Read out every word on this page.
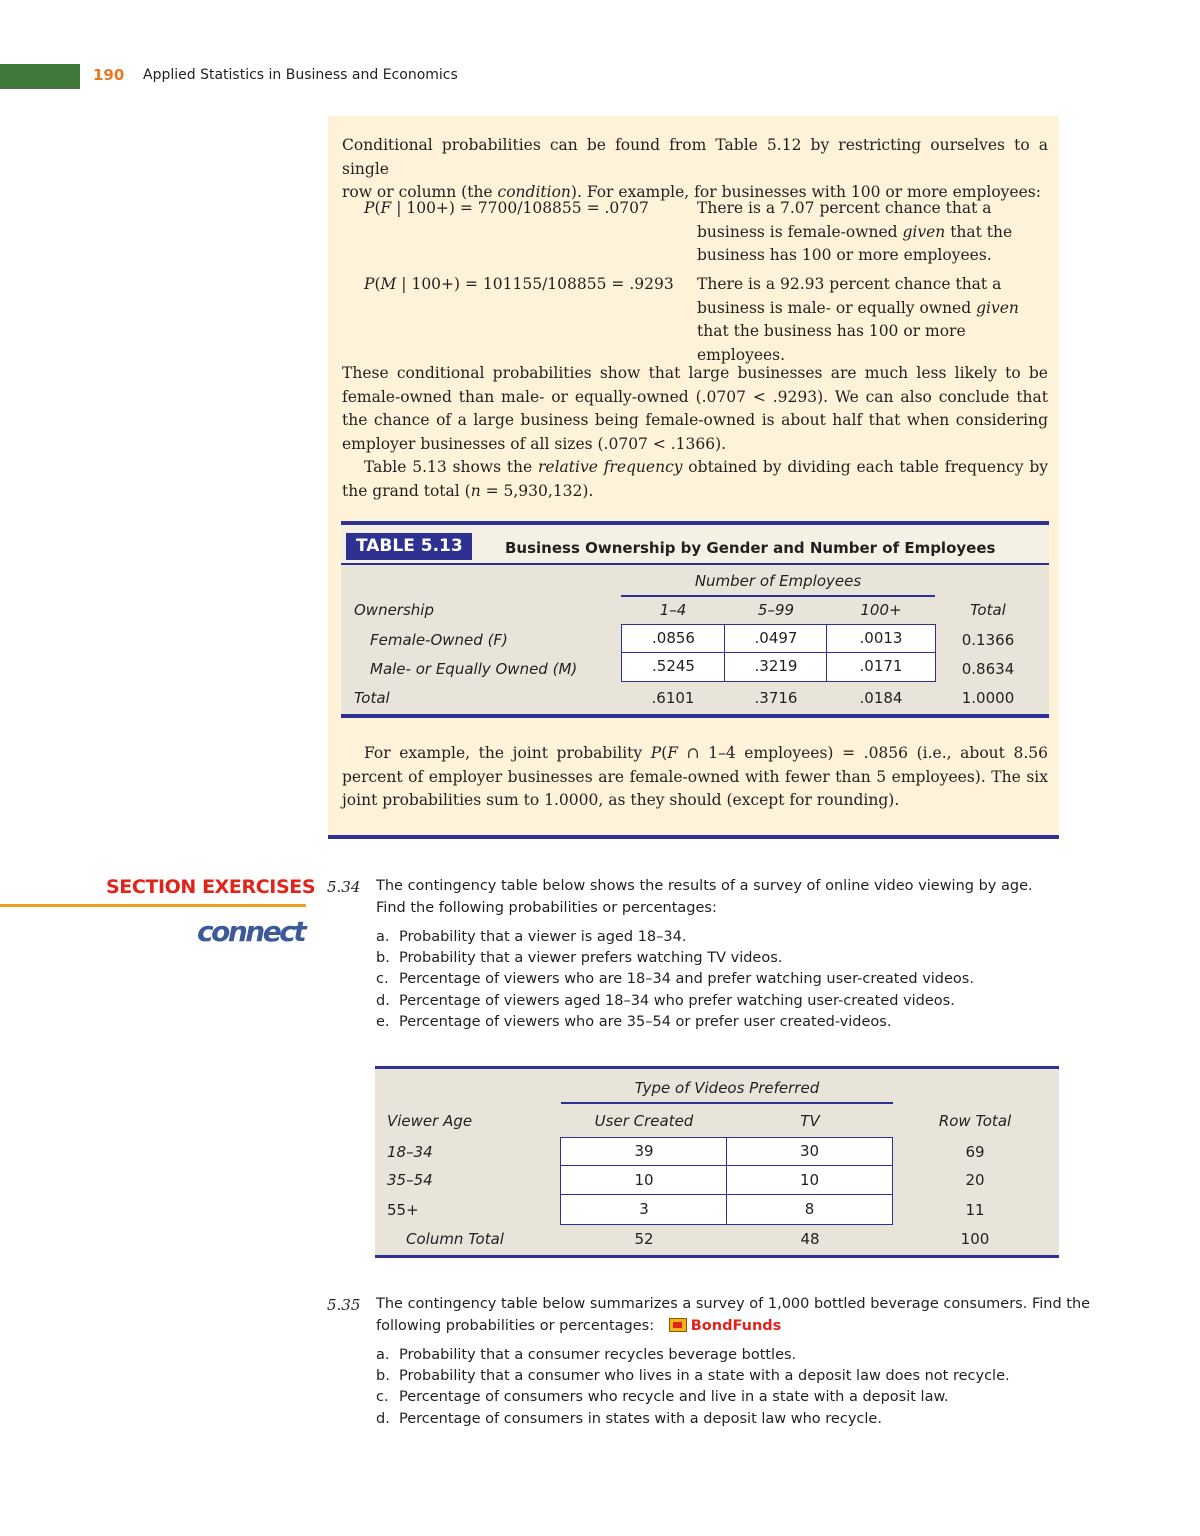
190 Applied Statistics in Business and Economics
Conditional probabilities can be found from Table 5.12 by restricting ourselves to a single
row or column (the condition). For example, for businesses with 100 or more employees:
P(F | 100+) = 7700/108855 = .0707	There is a 7.07 percent chance that a business is female-owned given that the business has 100 or more employees.
P(M | 100+) = 101155/108855 = .9293 There is a 92.93 percent chance that a business is male- or equally owned given that the business has 100 or more employees.
These conditional probabilities show that large businesses are much less likely to be female-owned than male- or equally-owned (.0707 < .9293). We can also conclude that the chance of a large business being female-owned is about half that when considering employer businesses of all sizes (.0707 < .1366).
Table 5.13 shows the relative frequency obtained by dividing each table frequency by the grand total (n = 5,930,132).
For example, the joint probability P(F ∩ 1–4 employees) = .0856 (i.e., about 8.56 percent of employer businesses are female-owned with fewer than 5 employees). The six joint probabilities sum to 1.0000, as they should (except for rounding).
TABLE 5.13	Business Ownership by Gender and Number of Employees
Number of Employees
Ownership	1–4	5–99	100+	Total
Female-Owned (F)	.0856	.0497	.0013	0.1366
Male- or Equally Owned (M)	.5245	.3219	.0171	0.8634
Total	.6101	.3716	.0184	1.0000
SECTION EXERCISES
connect
5.34 The contingency table below shows the results of a survey of online video viewing by age. Find the following probabilities or percentages:
a. Probability that a viewer is aged 18–34.
b. Probability that a viewer prefers watching TV videos.
c. Percentage of viewers who are 18–34 and prefer watching user-created videos.
d. Percentage of viewers aged 18–34 who prefer watching user-created videos.
e. Percentage of viewers who are 35–54 or prefer user created-videos.
Type of Videos Preferred
Viewer Age	User Created	TV	Row Total
18–34	39	30	69
35–54	10	10	20
55+	3	8	11
Column Total	52	48	100
5.35 The contingency table below summarizes a survey of 1,000 bottled beverage consumers. Find the
following probabilities or percentages:	BondFunds
a. Probability that a consumer recycles beverage bottles.
b. Probability that a consumer who lives in a state with a deposit law does not recycle.
c. Percentage of consumers who recycle and live in a state with a deposit law.
d. Percentage of consumers in states with a deposit law who recycle.
